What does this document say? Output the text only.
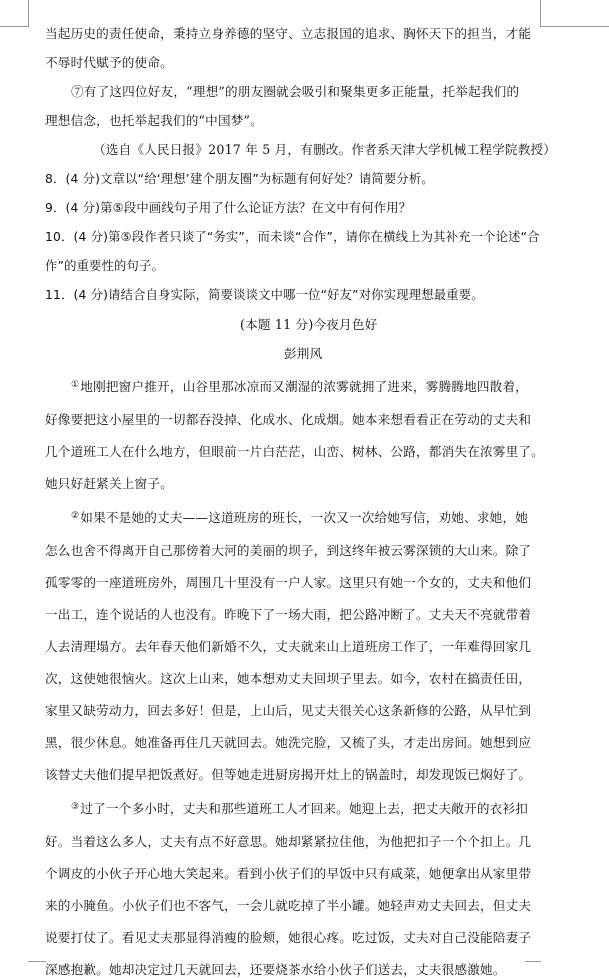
当起历史的责任使命，秉持立身养德的坚守、立志报国的追求、胸怀天下的担当，才能
不辱时代赋予的使命。
⑦有了这四位好友，“理想”的朋友圈就会吸引和聚集更多正能量，托举起我们的
理想信念，也托举起我们的“中国梦”。
（选自《人民日报》2017 年 5 月，有删改。作者系天津大学机械工程学院教授）
8．(4 分)文章以“给‘理想’建个朋友圈”为标题有何好处？请简要分析。
9．(4 分)第⑤段中画线句子用了什么论证方法？在文中有何作用？
10．(4 分)第⑤段作者只谈了“务实”，而未谈“合作”，请你在横线上为其补充一个论述“合
作”的重要性的句子。
11．(4 分)请结合自身实际，简要谈谈文中哪一位“好友”对你实现理想最重要。
(本题 11 分)今夜月色好
彭荆风
①地刚把窗户推开，山谷里那冰凉而又潮湿的浓雾就拥了进来，雾腾腾地四散着，
好像要把这小屋里的一切都吞没掉、化成水、化成烟。她本来想看看正在劳动的丈夫和
几个道班工人在什么地方，但眼前一片白茫茫，山峦、树林、公路，都消失在浓雾里了。
她只好赶紧关上窗子。
②如果不是她的丈夫——这道班房的班长，一次又一次给她写信，劝她、求她，她
怎么也舍不得离开自己那傍着大河的美丽的坝子，到这终年被云雾深锁的大山来。除了
孤零零的一座道班房外，周围几十里没有一户人家。这里只有她一个女的，丈夫和他们
一出工，连个说话的人也没有。昨晚下了一场大雨，把公路冲断了。丈夫天不亮就带着
人去清理塌方。去年春天他们新婚不久，丈夫就来山上道班房工作了，一年难得回家几
次，这使她很恼火。这次上山来，她本想劝丈夫回坝子里去。如今，农村在搞责任田，
家里又缺劳动力，回去多好！但是，上山后，见丈夫很关心这条新修的公路，从早忙到
黑，很少休息。她准备再住几天就回去。她洗完脸，又梳了头，才走出房间。她想到应
该替丈夫他们提早把饭煮好。但等她走进厨房揭开灶上的锅盖时，却发现饭已焖好了。
③过了一个多小时，丈夫和那些道班工人才回来。她迎上去，把丈夫敞开的衣衫扣
好。当着这么多人，丈夫有点不好意思。她却紧紧拉住他，为他把扣子一个个扣上。几
个调皮的小伙子开心地大笑起来。看到小伙子们的早饭中只有咸菜，她便拿出从家里带
来的小腌鱼。小伙子们也不客气，一会儿就吃掉了半小罐。她轻声劝丈夫回去，但丈夫
说要打仗了。看见丈夫那显得消瘦的脸颊，她很心疼。吃过饭，丈夫对自己没能陪妻子
深感抱歉。她却决定过几天就回去，还要烧茶水给小伙子们送去，丈夫很感激她。
